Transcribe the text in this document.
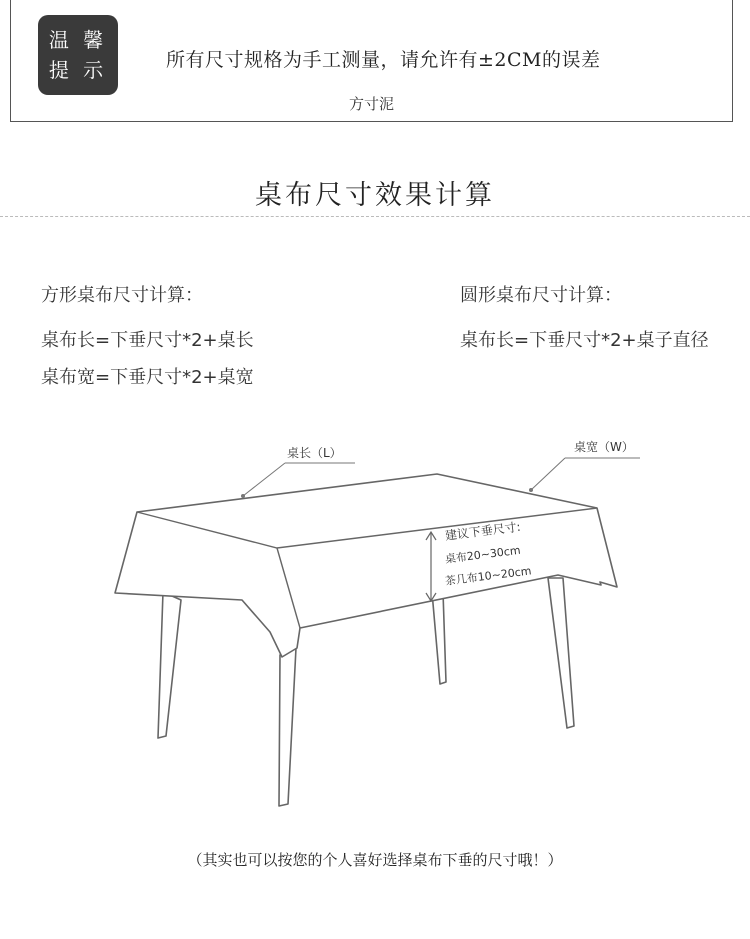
温 馨
提 示	所有尺寸规格为手工测量，请允许有±2CM的误差
方寸泥
桌布尺寸效果计算
方形桌布尺寸计算：
桌布长=下垂尺寸*2+桌长
桌布宽=下垂尺寸*2+桌宽
圆形桌布尺寸计算：
桌布长=下垂尺寸*2+桌子直径
桌长（L）	桌宽（W）
建议下垂尺寸:
桌布20~30cm
茶几布10~20cm
（其实也可以按您的个人喜好选择桌布下垂的尺寸哦！）
